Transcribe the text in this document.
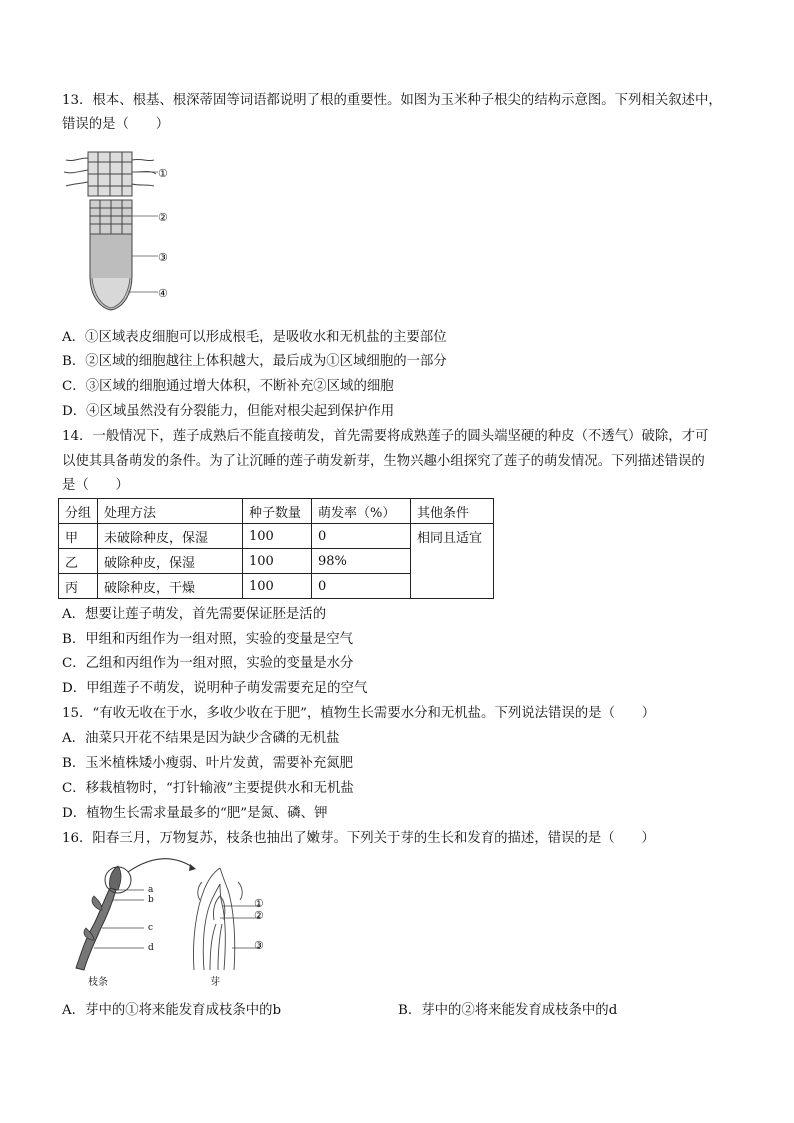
13．根本、根基、根深蒂固等词语都说明了根的重要性。如图为玉米种子根尖的结构示意图。下列相关叙述中，
错误的是（　　）
①
②
③
④
A．①区域表皮细胞可以形成根毛，是吸收水和无机盐的主要部位
B．②区域的细胞越往上体积越大，最后成为①区域细胞的一部分
C．③区域的细胞通过增大体积，不断补充②区域的细胞
D．④区域虽然没有分裂能力，但能对根尖起到保护作用
14．一般情况下，莲子成熟后不能直接萌发，首先需要将成熟莲子的圆头端坚硬的种皮（不透气）破除，才可
以使其具备萌发的条件。为了让沉睡的莲子萌发新芽，生物兴趣小组探究了莲子的萌发情况。下列描述错误的
是（　　）
分组	处理方法	种子数量	萌发率（%）	其他条件
甲	未破除种皮，保湿	100	0	相同且适宜
乙	破除种皮，保湿	100	98%	
丙	破除种皮，干燥	100	0	
A．想要让莲子萌发，首先需要保证胚是活的
B．甲组和丙组作为一组对照，实验的变量是空气
C．乙组和丙组作为一组对照，实验的变量是水分
D．甲组莲子不萌发，说明种子萌发需要充足的空气
15．“有收无收在于水，多收少收在于肥”，植物生长需要水分和无机盐。下列说法错误的是（　　）
A．油菜只开花不结果是因为缺少含磷的无机盐
B．玉米植株矮小瘦弱、叶片发黄，需要补充氮肥
C．移栽植物时，“打针输液”主要提供水和无机盐
D．植物生长需求量最多的“肥”是氮、磷、钾
16．阳春三月，万物复苏，枝条也抽出了嫩芽。下列关于芽的生长和发育的描述，错误的是（　　）
a
b
c
d
①
②
③
枝条	芽
A．芽中的①将来能发育成枝条中的b	B．芽中的②将来能发育成枝条中的d
